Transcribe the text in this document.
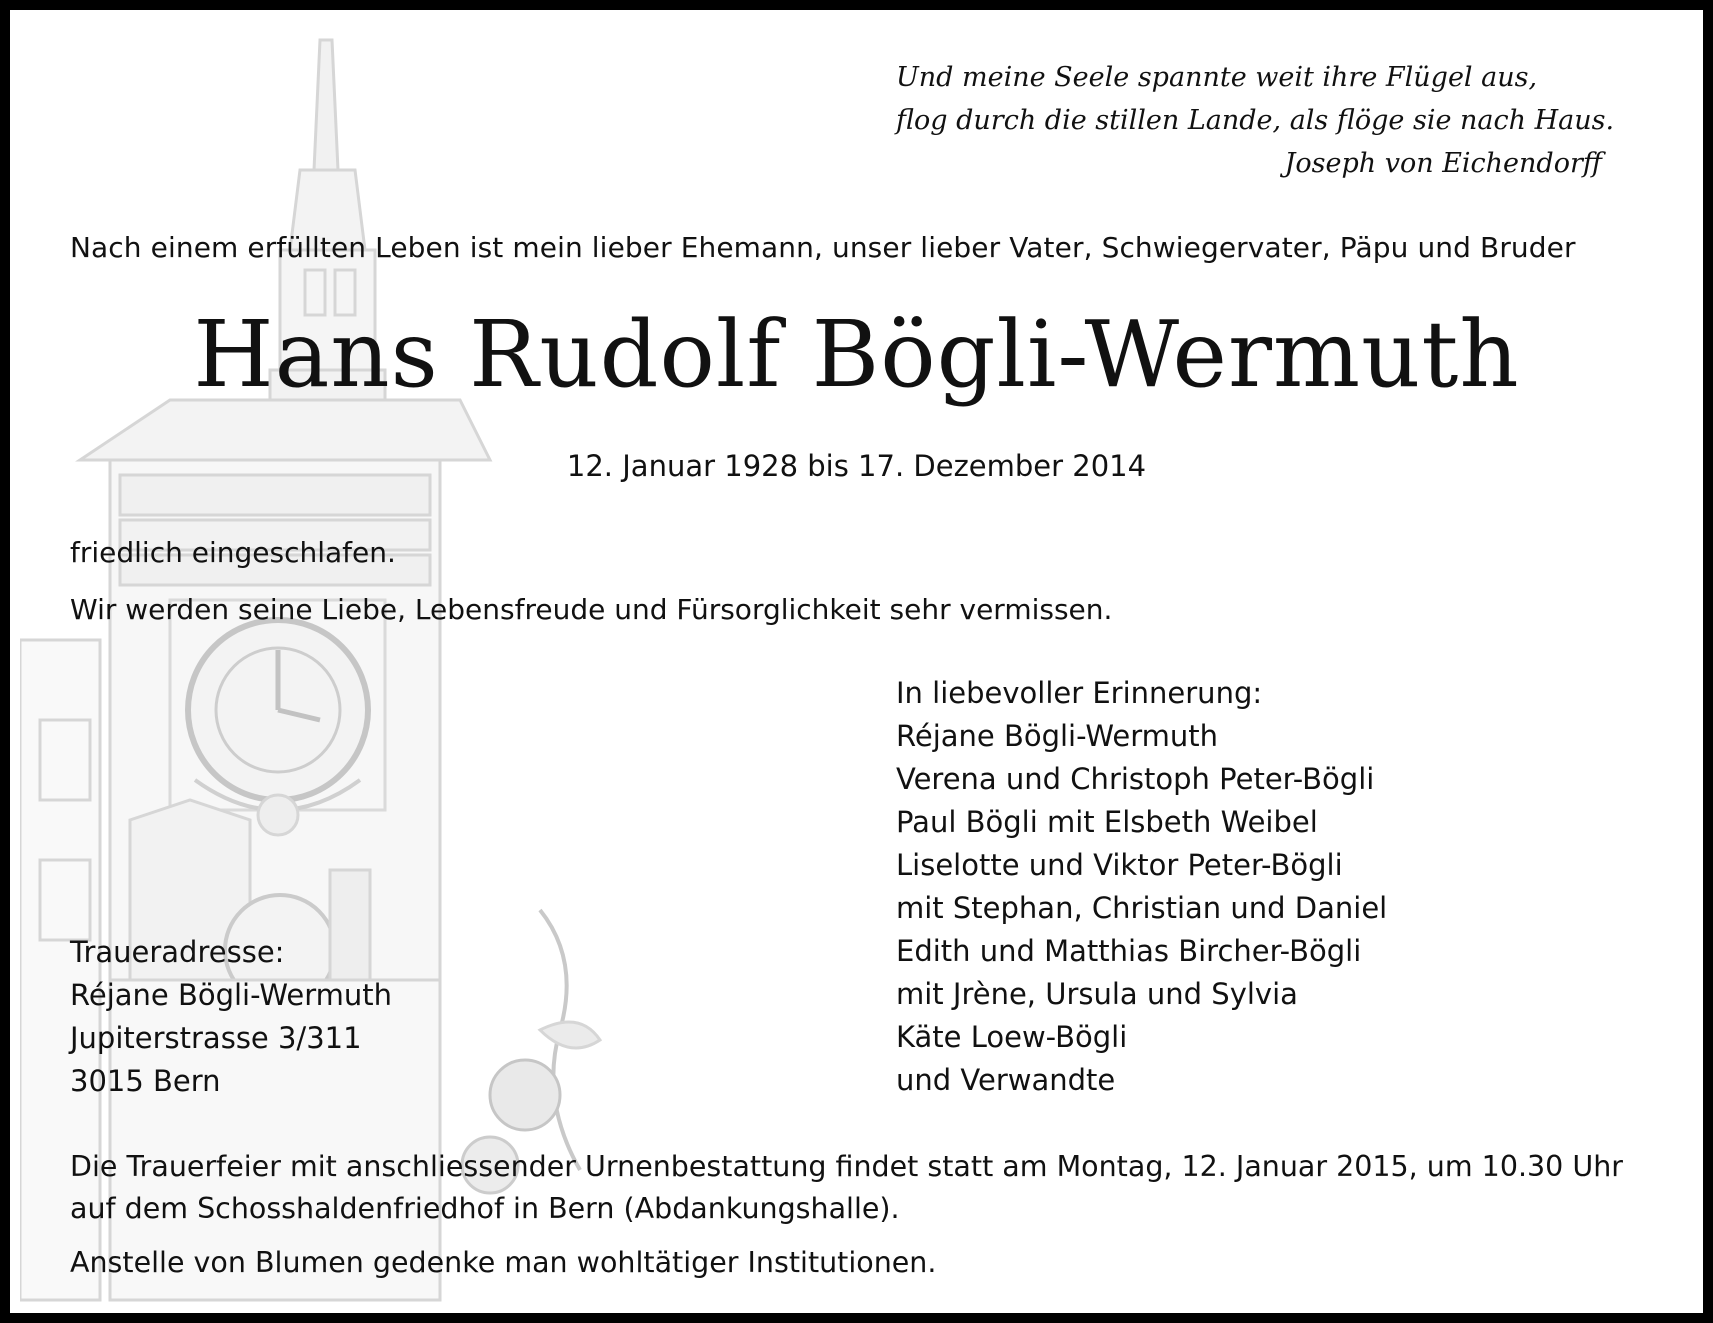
Und meine Seele spannte weit ihre Flügel aus,
flog durch die stillen Lande, als flöge sie nach Haus.
Joseph von Eichendorff
Nach einem erfüllten Leben ist mein lieber Ehemann, unser lieber Vater, Schwiegervater, Päpu und Bruder
Hans Rudolf Bögli-Wermuth
12. Januar 1928 bis 17. Dezember 2014
friedlich eingeschlafen.
Wir werden seine Liebe, Lebensfreude und Fürsorglichkeit sehr vermissen.
In liebevoller Erinnerung:
Réjane Bögli-Wermuth
Verena und Christoph Peter-Bögli
Paul Bögli mit Elsbeth Weibel
Liselotte und Viktor Peter-Bögli
mit Stephan, Christian und Daniel
Edith und Matthias Bircher-Bögli
mit Jrène, Ursula und Sylvia
Käte Loew-Bögli
und Verwandte
Traueradresse:
Réjane Bögli-Wermuth
Jupiterstrasse 3/311
3015 Bern
Die Trauerfeier mit anschliessender Urnenbestattung findet statt am Montag, 12. Januar 2015, um 10.30 Uhr
auf dem Schosshaldenfriedhof in Bern (Abdankungshalle).
Anstelle von Blumen gedenke man wohltätiger Institutionen.
